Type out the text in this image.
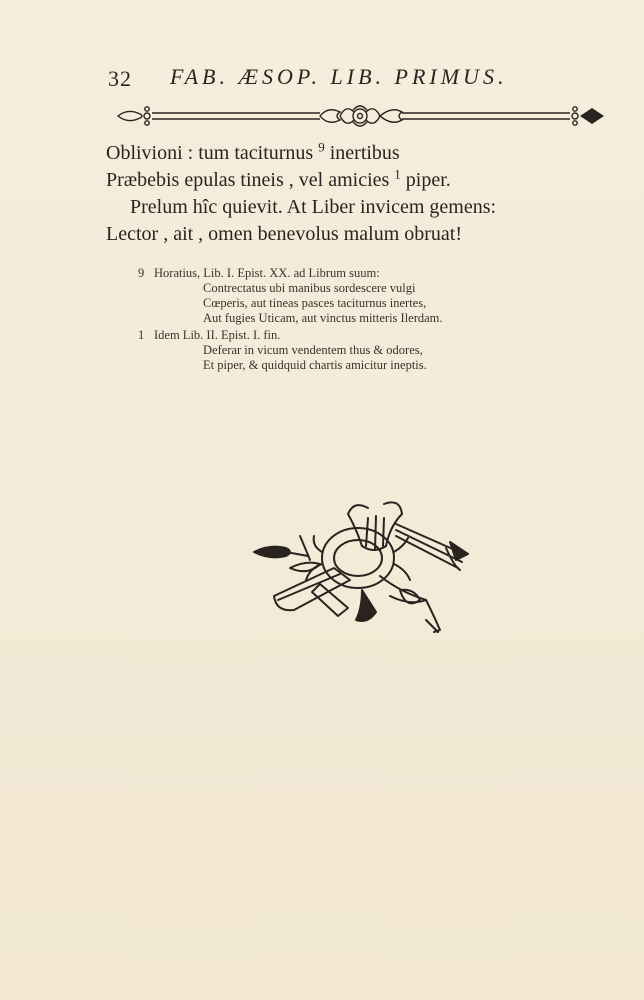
32 FAB. ÆSOP. LIB. PRIMUS.
Oblivioni : tum taciturnus $^9$ inertibus
Præbebis epulas tineis , vel amicies $^1$ piper.
Prelum hîc quievit. At Liber invicem gemens:
Lector , ait , omen benevolus malum obruat!
9 Horatius, Lib. I. Epist. XX. ad Librum suum:
Contrectatus ubi manibus sordescere vulgi
Cœperis, aut tineas pasces taciturnus inertes,
Aut fugies Uticam, aut vinctus mitteris Ilerdam.
1 Idem Lib. II. Epist. I. fin.
Deferar in vicum vendentem thus & odores,
Et piper, & quidquid chartis amicitur ineptis.
